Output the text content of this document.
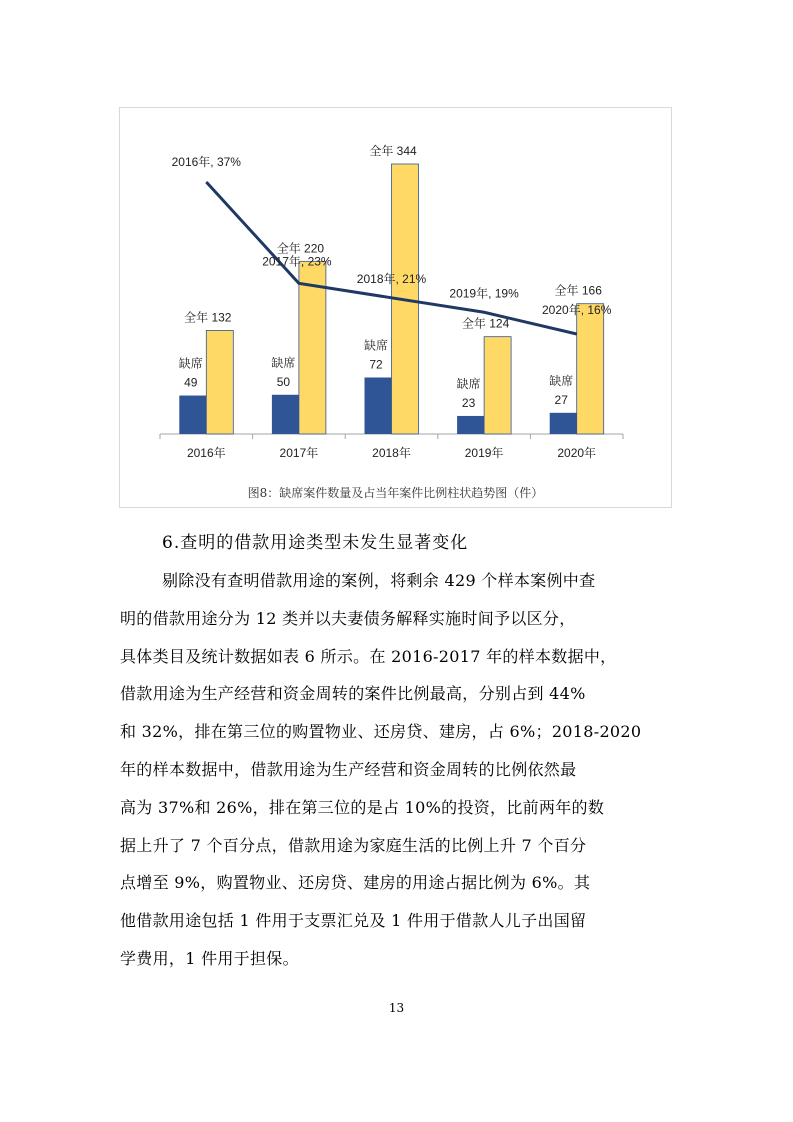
缺席 49
全年 132
2016年
缺席 50
全年 220
2017年
缺席 72
全年 344
2018年
缺席 23
全年 124
2019年
缺席 27
全年 166
2020年
2016年, 37%
2017年, 23%
2018年, 21%
2019年, 19%
2020年, 16%
图8：缺席案件数量及占当年案件比例柱状趋势图（件）
6.查明的借款用途类型未发生显著变化
剔除没有查明借款用途的案例，将剩余 429 个样本案例中查
明的借款用途分为 12 类并以夫妻债务解释实施时间予以区分，
具体类目及统计数据如表 6 所示。在 2016-2017 年的样本数据中，
借款用途为生产经营和资金周转的案件比例最高，分别占到 44%
和 32%，排在第三位的购置物业、还房贷、建房，占 6%；2018-2020
年的样本数据中，借款用途为生产经营和资金周转的比例依然最
高为 37%和 26%，排在第三位的是占 10%的投资，比前两年的数
据上升了 7 个百分点，借款用途为家庭生活的比例上升 7 个百分
点增至 9%，购置物业、还房贷、建房的用途占据比例为 6%。其
他借款用途包括 1 件用于支票汇兑及 1 件用于借款人儿子出国留
学费用，1 件用于担保。
13
